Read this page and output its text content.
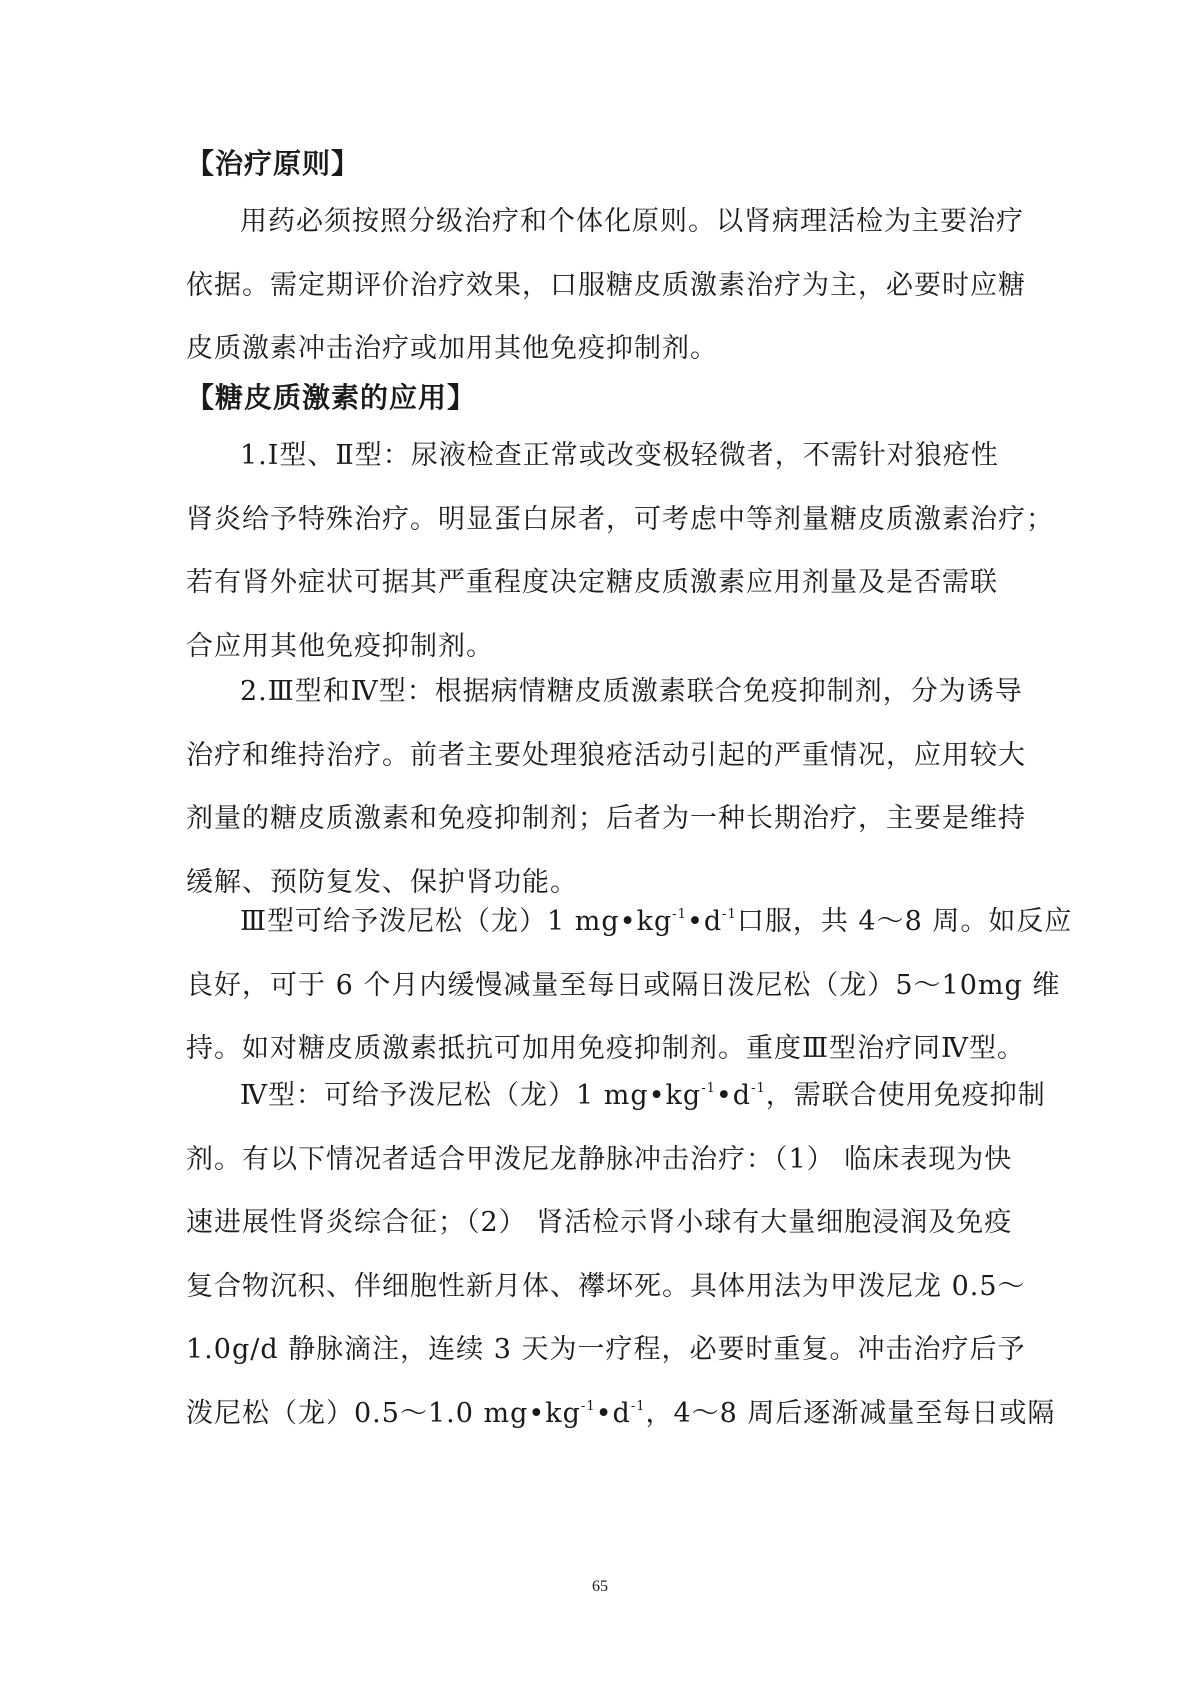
【治疗原则】
用药必须按照分级治疗和个体化原则。以肾病理活检为主要治疗
依据。需定期评价治疗效果，口服糖皮质激素治疗为主，必要时应糖
皮质激素冲击治疗或加用其他免疫抑制剂。
【糖皮质激素的应用】
1.Ⅰ型、Ⅱ型：尿液检查正常或改变极轻微者，不需针对狼疮性
肾炎给予特殊治疗。明显蛋白尿者，可考虑中等剂量糖皮质激素治疗；
若有肾外症状可据其严重程度决定糖皮质激素应用剂量及是否需联
合应用其他免疫抑制剂。
2.Ⅲ型和Ⅳ型：根据病情糖皮质激素联合免疫抑制剂，分为诱导
治疗和维持治疗。前者主要处理狼疮活动引起的严重情况，应用较大
剂量的糖皮质激素和免疫抑制剂；后者为一种长期治疗，主要是维持
缓解、预防复发、保护肾功能。
Ⅲ型可给予泼尼松（龙）1 $mg•kg^{-1}•d^{-1}$口服，共 4～8 周。如反应
良好，可于 6 个月内缓慢减量至每日或隔日泼尼松（龙）5～10mg 维
持。如对糖皮质激素抵抗可加用免疫抑制剂。重度Ⅲ型治疗同Ⅳ型。
Ⅳ型：可给予泼尼松（龙）1 $mg•kg^{-1}•d^{-1}$，需联合使用免疫抑制
剂。有以下情况者适合甲泼尼龙静脉冲击治疗：（1） 临床表现为快
速进展性肾炎综合征；（2） 肾活检示肾小球有大量细胞浸润及免疫
复合物沉积、伴细胞性新月体、襻坏死。具体用法为甲泼尼龙 0.5～
1.0g/d 静脉滴注，连续 3 天为一疗程，必要时重复。冲击治疗后予
泼尼松（龙）0.5～1.0 $mg•kg^{-1}•d^{-1}$，4～8 周后逐渐减量至每日或隔
65
